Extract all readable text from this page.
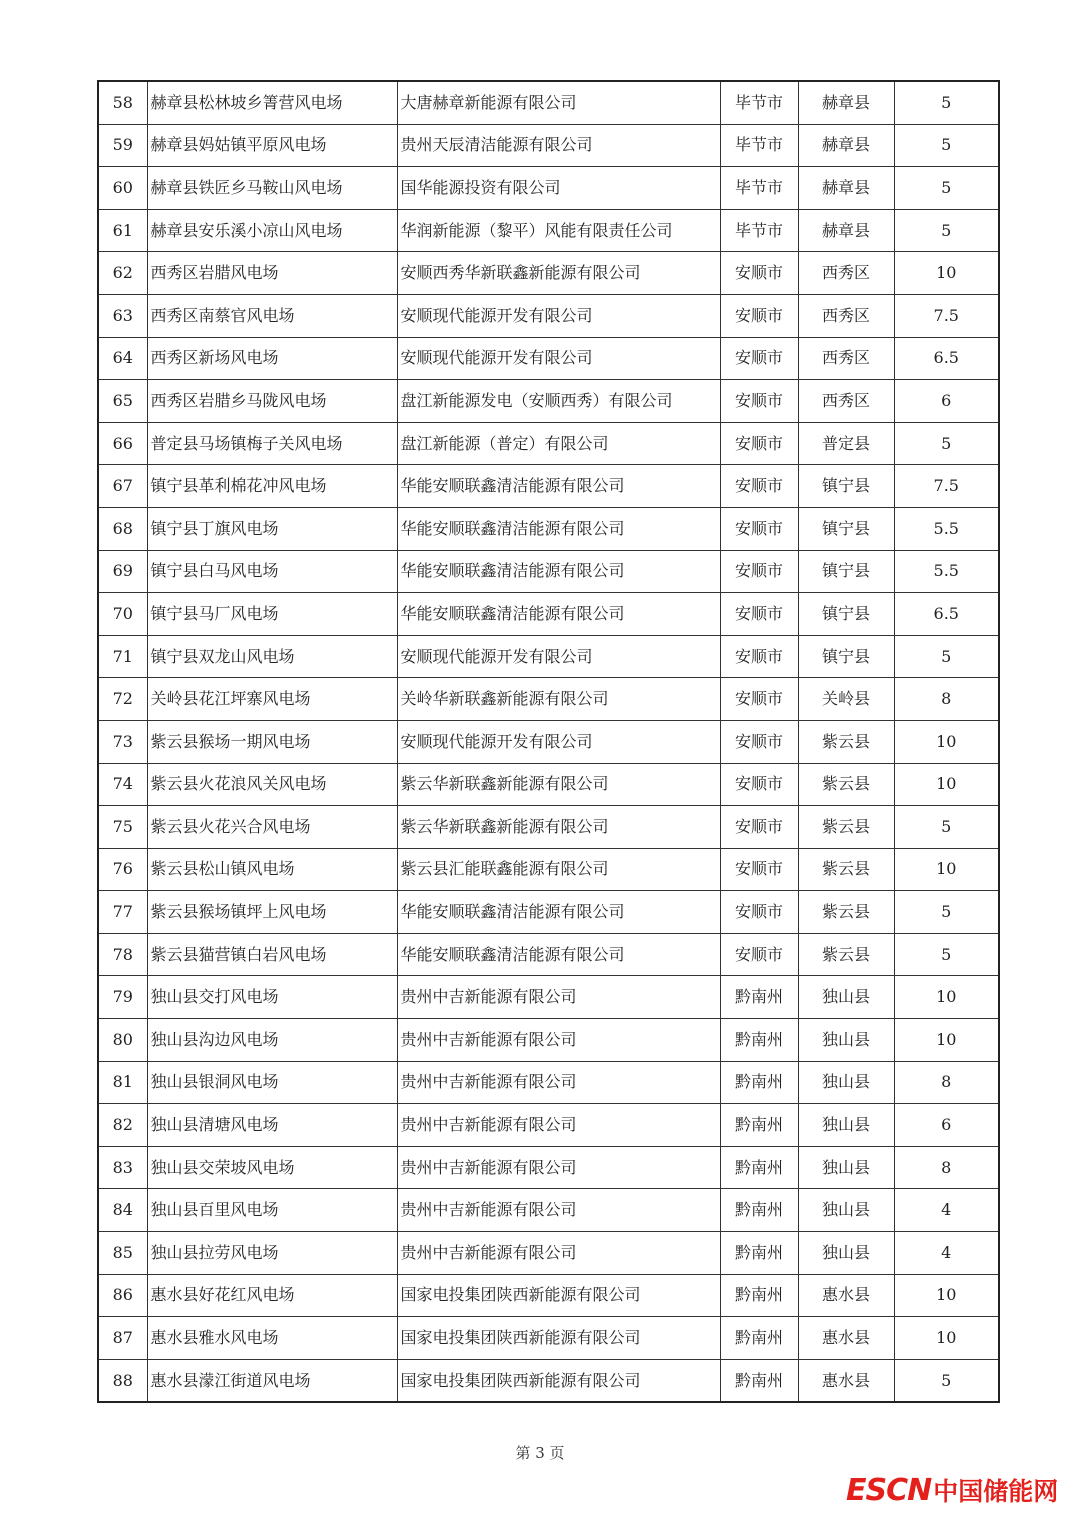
58	赫章县松林坡乡箐营风电场	大唐赫章新能源有限公司	毕节市	赫章县	5
59	赫章县妈姑镇平原风电场	贵州天辰清洁能源有限公司	毕节市	赫章县	5
60	赫章县铁匠乡马鞍山风电场	国华能源投资有限公司	毕节市	赫章县	5
61	赫章县安乐溪小凉山风电场	华润新能源（黎平）风能有限责任公司	毕节市	赫章县	5
62	西秀区岩腊风电场	安顺西秀华新联鑫新能源有限公司	安顺市	西秀区	10
63	西秀区南蔡官风电场	安顺现代能源开发有限公司	安顺市	西秀区	7.5
64	西秀区新场风电场	安顺现代能源开发有限公司	安顺市	西秀区	6.5
65	西秀区岩腊乡马陇风电场	盘江新能源发电（安顺西秀）有限公司	安顺市	西秀区	6
66	普定县马场镇梅子关风电场	盘江新能源（普定）有限公司	安顺市	普定县	5
67	镇宁县革利棉花冲风电场	华能安顺联鑫清洁能源有限公司	安顺市	镇宁县	7.5
68	镇宁县丁旗风电场	华能安顺联鑫清洁能源有限公司	安顺市	镇宁县	5.5
69	镇宁县白马风电场	华能安顺联鑫清洁能源有限公司	安顺市	镇宁县	5.5
70	镇宁县马厂风电场	华能安顺联鑫清洁能源有限公司	安顺市	镇宁县	6.5
71	镇宁县双龙山风电场	安顺现代能源开发有限公司	安顺市	镇宁县	5
72	关岭县花江坪寨风电场	关岭华新联鑫新能源有限公司	安顺市	关岭县	8
73	紫云县猴场一期风电场	安顺现代能源开发有限公司	安顺市	紫云县	10
74	紫云县火花浪风关风电场	紫云华新联鑫新能源有限公司	安顺市	紫云县	10
75	紫云县火花兴合风电场	紫云华新联鑫新能源有限公司	安顺市	紫云县	5
76	紫云县松山镇风电场	紫云县汇能联鑫能源有限公司	安顺市	紫云县	10
77	紫云县猴场镇坪上风电场	华能安顺联鑫清洁能源有限公司	安顺市	紫云县	5
78	紫云县猫营镇白岩风电场	华能安顺联鑫清洁能源有限公司	安顺市	紫云县	5
79	独山县交打风电场	贵州中吉新能源有限公司	黔南州	独山县	10
80	独山县沟边风电场	贵州中吉新能源有限公司	黔南州	独山县	10
81	独山县银洞风电场	贵州中吉新能源有限公司	黔南州	独山县	8
82	独山县清塘风电场	贵州中吉新能源有限公司	黔南州	独山县	6
83	独山县交荣坡风电场	贵州中吉新能源有限公司	黔南州	独山县	8
84	独山县百里风电场	贵州中吉新能源有限公司	黔南州	独山县	4
85	独山县拉劳风电场	贵州中吉新能源有限公司	黔南州	独山县	4
86	惠水县好花红风电场	国家电投集团陕西新能源有限公司	黔南州	惠水县	10
87	惠水县雅水风电场	国家电投集团陕西新能源有限公司	黔南州	惠水县	10
88	惠水县濛江街道风电场	国家电投集团陕西新能源有限公司	黔南州	惠水县	5
第 3 页
ESCN 中国储能网
